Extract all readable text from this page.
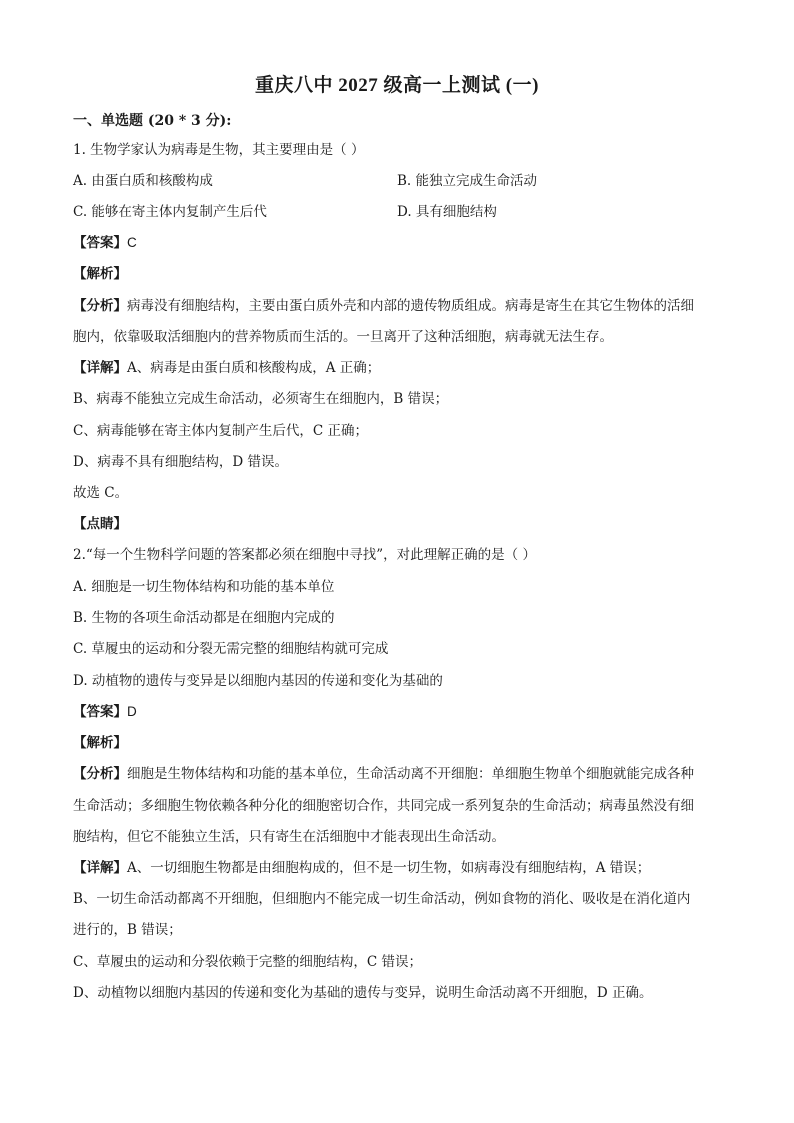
重庆八中 2027 级高一上测试 (一)
一、单选题 (20 * 3 分):
1. 生物学家认为病毒是生物，其主要理由是（ ）
A. 由蛋白质和核酸构成	B. 能独立完成生命活动
C. 能够在寄主体内复制产生后代	D. 具有细胞结构
【答案】C
【解析】
【分析】病毒没有细胞结构，主要由蛋白质外壳和内部的遗传物质组成。病毒是寄生在其它生物体的活细
胞内，依靠吸取活细胞内的营养物质而生活的。一旦离开了这种活细胞，病毒就无法生存。
【详解】A、病毒是由蛋白质和核酸构成，A 正确；
B、病毒不能独立完成生命活动，必须寄生在细胞内，B 错误；
C、病毒能够在寄主体内复制产生后代，C 正确；
D、病毒不具有细胞结构，D 错误。
故选 C。
【点睛】
2.“每一个生物科学问题的答案都必须在细胞中寻找”，对此理解正确的是（ ）
A. 细胞是一切生物体结构和功能的基本单位
B. 生物的各项生命活动都是在细胞内完成的
C. 草履虫的运动和分裂无需完整的细胞结构就可完成
D. 动植物的遗传与变异是以细胞内基因的传递和变化为基础的
【答案】D
【解析】
【分析】细胞是生物体结构和功能的基本单位，生命活动离不开细胞：单细胞生物单个细胞就能完成各种
生命活动；多细胞生物依赖各种分化的细胞密切合作，共同完成一系列复杂的生命活动；病毒虽然没有细
胞结构，但它不能独立生活，只有寄生在活细胞中才能表现出生命活动。
【详解】A、一切细胞生物都是由细胞构成的，但不是一切生物，如病毒没有细胞结构，A 错误；
B、一切生命活动都离不开细胞，但细胞内不能完成一切生命活动，例如食物的消化、吸收是在消化道内
进行的，B 错误；
C、草履虫的运动和分裂依赖于完整的细胞结构，C 错误；
D、动植物以细胞内基因的传递和变化为基础的遗传与变异，说明生命活动离不开细胞，D 正确。
